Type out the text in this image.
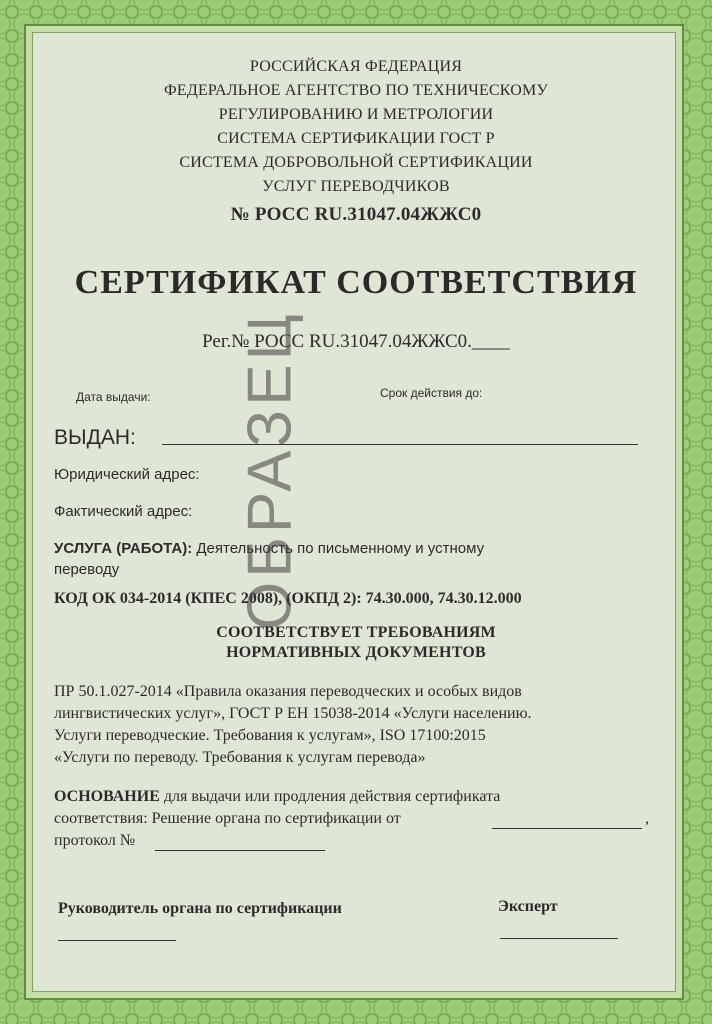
РОССИЙСКАЯ ФЕДЕРАЦИЯ
ФЕДЕРАЛЬНОЕ АГЕНТСТВО ПО ТЕХНИЧЕСКОМУ
РЕГУЛИРОВАНИЮ И МЕТРОЛОГИИ
СИСТЕМА СЕРТИФИКАЦИИ ГОСТ Р
СИСТЕМА ДОБРОВОЛЬНОЙ СЕРТИФИКАЦИИ
УСЛУГ ПЕРЕВОДЧИКОВ
№ РОСС RU.31047.04ЖЖС0
СЕРТИФИКАТ СООТВЕТСТВИЯ
Рег.№ РОСС RU.31047.04ЖЖС0.____
Дата выдачи:	Срок действия до:
ВЫДАН:
Юридический адрес:
Фактический адрес:
УСЛУГА (РАБОТА): Деятельность по письменному и устному
переводу
КОД ОК 034-2014 (КПЕС 2008), (ОКПД 2): 74.30.000, 74.30.12.000
СООТВЕТСТВУЕТ ТРЕБОВАНИЯМ
НОРМАТИВНЫХ ДОКУМЕНТОВ
ПР 50.1.027-2014 «Правила оказания переводческих и особых видов
лингвистических услуг», ГОСТ Р ЕН 15038-2014 «Услуги населению.
Услуги переводческие. Требования к услугам», ISO 17100:2015
«Услуги по переводу. Требования к услугам перевода»
ОСНОВАНИЕ для выдачи или продления действия сертификата
соответствия: Решение органа по сертификации от	,
протокол №
Руководитель органа по сертификации	Эксперт
ОБРАЗЕЦ
